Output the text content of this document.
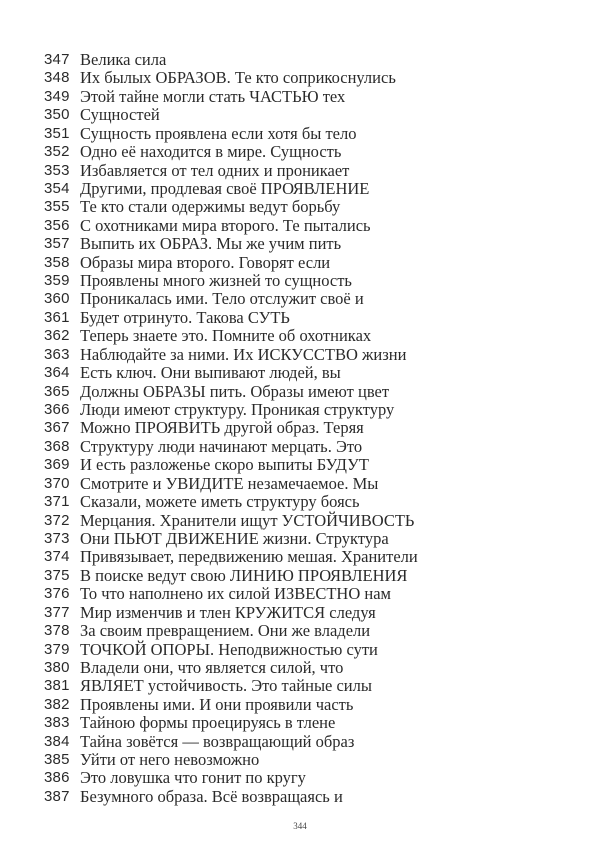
347 Велика сила
348 Их былых ОБРАЗОВ. Те кто соприкоснулись
349 Этой тайне могли стать ЧАСТЬЮ тех
350 Сущностей
351 Сущность проявлена если хотя бы тело
352 Одно её находится в мире. Сущность
353 Избавляется от тел одних и проникает
354 Другими, продлевая своё ПРОЯВЛЕНИЕ
355 Те кто стали одержимы ведут борьбу
356 С охотниками мира второго. Те пытались
357 Выпить их ОБРАЗ. Мы же учим пить
358 Образы мира второго. Говорят если
359 Проявлены много жизней то сущность
360 Проникалась ими. Тело отслужит своё и
361 Будет отринуто. Такова СУТЬ
362 Теперь знаете это. Помните об охотниках
363 Наблюдайте за ними. Их ИСКУССТВО жизни
364 Есть ключ. Они выпивают людей, вы
365 Должны ОБРАЗЫ пить. Образы имеют цвет
366 Люди имеют структуру. Проникая структуру
367 Можно ПРОЯВИТЬ другой образ. Теряя
368 Структуру люди начинают мерцать. Это
369 И есть разложенье скоро выпиты БУДУТ
370 Смотрите и УВИДИТЕ незамечаемое. Мы
371 Сказали, можете иметь структуру боясь
372 Мерцания. Хранители ищут УСТОЙЧИВОСТЬ
373 Они ПЬЮТ ДВИЖЕНИЕ жизни. Структура
374 Привязывает, передвижению мешая. Хранители
375 В поиске ведут свою ЛИНИЮ ПРОЯВЛЕНИЯ
376 То что наполнено их силой ИЗВЕСТНО нам
377 Мир изменчив и тлен КРУЖИТСЯ следуя
378 За своим превращением. Они же владели
379 ТОЧКОЙ ОПОРЫ. Неподвижностью сути
380 Владели они, что является силой, что
381 ЯВЛЯЕТ устойчивость. Это тайные силы
382 Проявлены ими. И они проявили часть
383 Тайною формы проецируясь в тлене
384 Тайна зовётся — возвращающий образ
385 Уйти от него невозможно
386 Это ловушка что гонит по кругу
387 Безумного образа. Всё возвращаясь и
344
